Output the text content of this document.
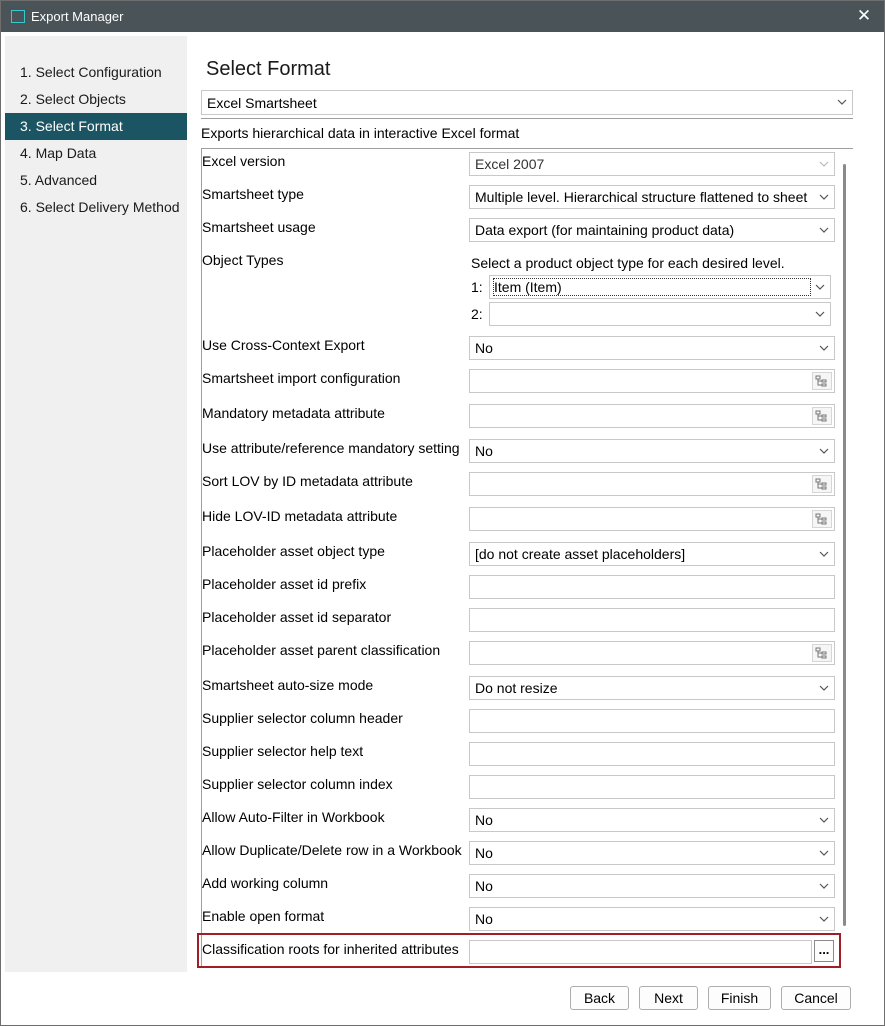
Export Manager	✕
1. Select Configuration
2. Select Objects
3. Select Format
4. Map Data
5. Advanced
6. Select Delivery Method
Select Format
Excel Smartsheet
Exports hierarchical data in interactive Excel format
Excel version	Excel 2007
Smartsheet type	Multiple level. Hierarchical structure flattened to sheet
Smartsheet usage	Data export (for maintaining product data)
Object Types	Select a product object type for each desired level.
1: Item (Item)
2:
Use Cross-Context Export	No
Smartsheet import configuration
Mandatory metadata attribute
Use attribute/reference mandatory setting No
Sort LOV by ID metadata attribute
Hide LOV-ID metadata attribute
Placeholder asset object type	[do not create asset placeholders]
Placeholder asset id prefix
Placeholder asset id separator
Placeholder asset parent classification
Smartsheet auto-size mode	Do not resize
Supplier selector column header
Supplier selector help text
Supplier selector column index
Allow Auto-Filter in Workbook	No
Allow Duplicate/Delete row in a Workbook No
Add working column	No
Enable open format	No
Classification roots for inherited attributes	...
Back	Next	Finish	Cancel
